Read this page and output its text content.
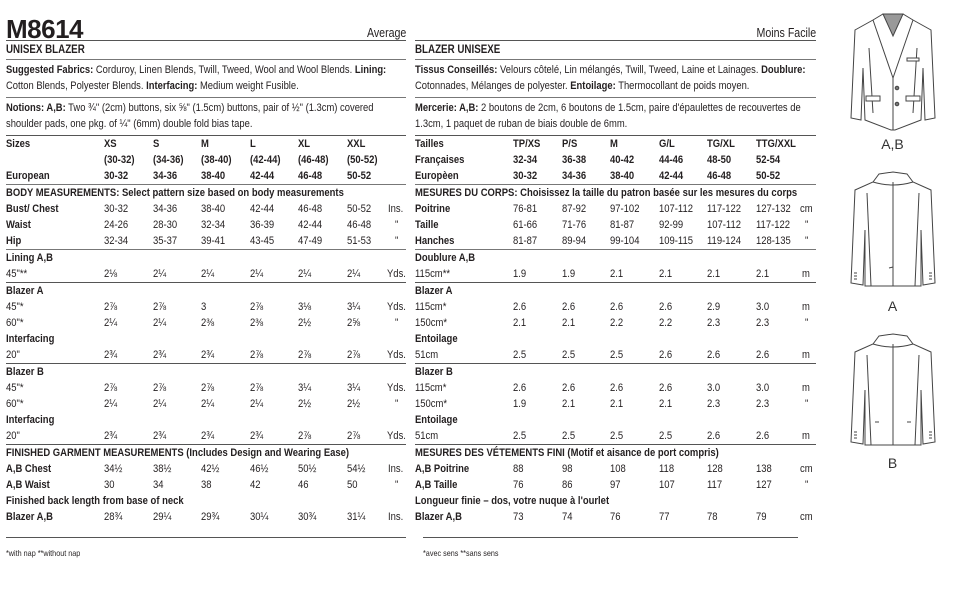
M8614	Average
UNISEX BLAZER
Suggested Fabrics: Corduroy, Linen Blends, Twill, Tweed, Wool and Wool Blends. Lining: Cotton Blends, Polyester Blends. Interfacing: Medium weight Fusible.
Notions: A,B: Two ¾" (2cm) buttons, six ⅝" (1.5cm) buttons, pair of ½" (1.3cm) covered shoulder pads, one pkg. of ¼" (6mm) double fold bias tape.
Sizes	XS	S	M	L	XL	XXL	
	(30-32)	(34-36)	(38-40)	(42-44)	(46-48)	(50-52)	
European	30-32	34-36	38-40	42-44	46-48	50-52	

BODY MEASUREMENTS: Select pattern size based on body measurements							
Bust/ Chest	30-32	34-36	38-40	42-44	46-48	50-52	Ins.
Waist	24-26	28-30	32-34	36-39	42-44	46-48	"
Hip	32-34	35-37	39-41	43-45	47-49	51-53	"

Lining A,B							
45"**	2⅛	2¼	2¼	2¼	2¼	2¼	Yds.

Blazer A							
45"*	2⅞	2⅞	3	2⅞	3⅛	3¼	Yds.
60"*	2¼	2¼	2⅜	2⅜	2½	2⅝	"
Interfacing							
20"	2¾	2¾	2¾	2⅞	2⅞	2⅞	Yds.

Blazer B							
45"*	2⅞	2⅞	2⅞	2⅞	3¼	3¼	Yds.
60"*	2¼	2¼	2¼	2¼	2½	2½	"
Interfacing							
20"	2¾	2¾	2¾	2¾	2⅞	2⅞	Yds.

FINISHED GARMENT MEASUREMENTS (Includes Design and Wearing Ease)							
A,B Chest	34½	38½	42½	46½	50½	54½	Ins.
A,B Waist	30	34	38	42	46	50	"
Finished back length from base of neck							
Blazer A,B	28¾	29¼	29¾	30¼	30¾	31¼	Ins.
*with nap **without nap
Moins Facile
BLAZER UNISEXE
Tissus Conseillés: Velours côtelé, Lin mélangés, Twill, Tweed, Laine et Lainages. Doublure: Cotonnades, Mélanges de polyester. Entoilage: Thermocollant de poids moyen.
Mercerie: A,B: 2 boutons de 2cm, 6 boutons de 1.5cm, paire d'épaulettes de recouvertes de 1.3cm, 1 paquet de ruban de biais double de 6mm.
Tailles	TP/XS	P/S	M	G/L	TG/XL	TTG/XXL	
Françaises	32-34	36-38	40-42	44-46	48-50	52-54	
Europèen	30-32	34-36	38-40	42-44	46-48	50-52	

MESURES DU CORPS: Choisissez la taille du patron basée sur les mesures du corps							
Poitrine	76-81	87-92	97-102	107-112	117-122	127-132	cm
Taille	61-66	71-76	81-87	92-99	107-112	117-122	"
Hanches	81-87	89-94	99-104	109-115	119-124	128-135	"

Doublure A,B							
115cm**	1.9	1.9	2.1	2.1	2.1	2.1	m

Blazer A							
115cm*	2.6	2.6	2.6	2.6	2.9	3.0	m
150cm*	2.1	2.1	2.2	2.2	2.3	2.3	"
Entoilage							
51cm	2.5	2.5	2.5	2.6	2.6	2.6	m

Blazer B							
115cm*	2.6	2.6	2.6	2.6	3.0	3.0	m
150cm*	1.9	2.1	2.1	2.1	2.3	2.3	"
Entoilage							
51cm	2.5	2.5	2.5	2.5	2.6	2.6	m

MESURES DES VÉTEMENTS FINI (Motif et aisance de port compris)							
A,B Poitrine	88	98	108	118	128	138	cm
A,B Taille	76	86	97	107	117	127	"
Longueur finie – dos, votre nuque à l'ourlet							
Blazer A,B	73	74	76	77	78	79	cm
*avec sens **sans sens
A,B
A
B
